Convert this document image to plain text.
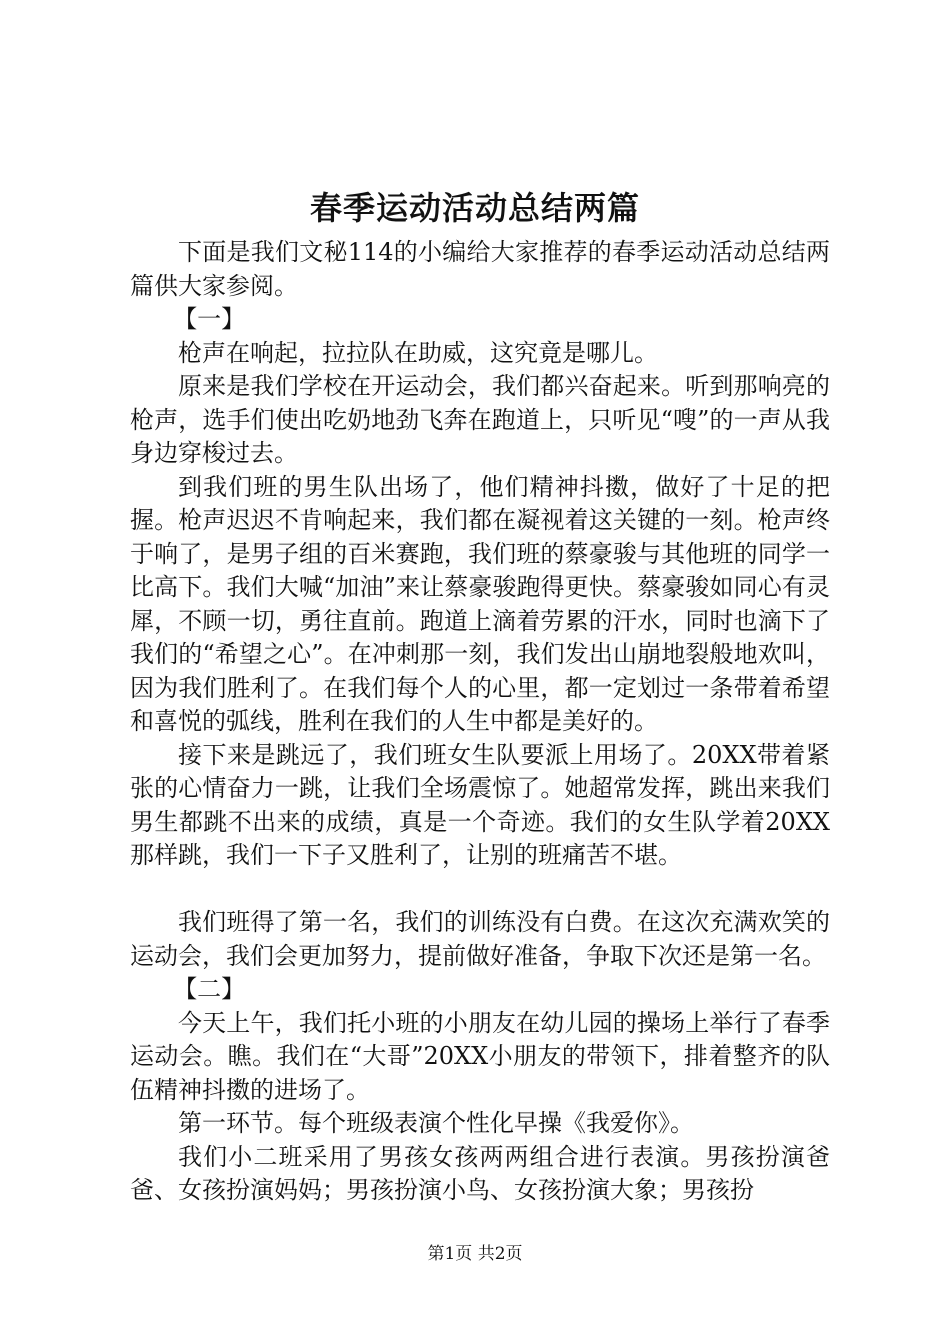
春季运动活动总结两篇

下面是我们文秘114的小编给大家推荐的春季运动活动总结两篇供大家参阅。

【一】

枪声在响起，拉拉队在助威，这究竟是哪儿。

原来是我们学校在开运动会，我们都兴奋起来。听到那响亮的枪声，选手们使出吃奶地劲飞奔在跑道上，只听见“嗖”的一声从我身边穿梭过去。

到我们班的男生队出场了，他们精神抖擞，做好了十足的把握。枪声迟迟不肯响起来，我们都在凝视着这关键的一刻。枪声终于响了，是男子组的百米赛跑，我们班的蔡豪骏与其他班的同学一比高下。我们大喊“加油”来让蔡豪骏跑得更快。蔡豪骏如同心有灵犀，不顾一切，勇往直前。跑道上滴着劳累的汗水，同时也滴下了我们的“希望之心”。在冲刺那一刻，我们发出山崩地裂般地欢叫，因为我们胜利了。在我们每个人的心里，都一定划过一条带着希望和喜悦的弧线，胜利在我们的人生中都是美好的。

接下来是跳远了，我们班女生队要派上用场了。20XX带着紧张的心情奋力一跳，让我们全场震惊了。她超常发挥，跳出来我们男生都跳不出来的成绩，真是一个奇迹。我们的女生队学着20XX那样跳，我们一下子又胜利了，让别的班痛苦不堪。

我们班得了第一名，我们的训练没有白费。在这次充满欢笑的运动会，我们会更加努力，提前做好准备，争取下次还是第一名。

【二】

今天上午，我们托小班的小朋友在幼儿园的操场上举行了春季运动会。瞧。我们在“大哥”20XX小朋友的带领下，排着整齐的队伍精神抖擞的进场了。

第一环节。每个班级表演个性化早操《我爱你》。

我们小二班采用了男孩女孩两两组合进行表演。男孩扮演爸爸、女孩扮演妈妈；男孩扮演小鸟、女孩扮演大象；男孩扮

第1页 共2页
